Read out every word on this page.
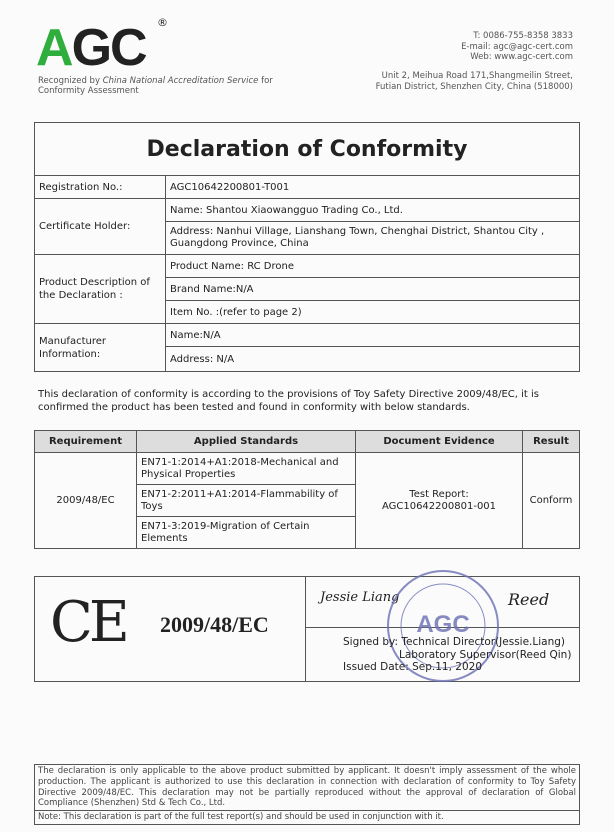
AGC ®
Recognized by China National Accreditation Service for Conformity Assessment
T: 0086-755-8358 3833
E-mail: agc@agc-cert.com
Web: www.agc-cert.com
Unit 2, Meihua Road 171,Shangmeilin Street,
Futian District, Shenzhen City, China (518000)
Declaration of Conformity	
Registration No.:	AGC10642200801-T001
Certificate Holder:	Name: Shantou Xiaowangguo Trading Co., Ltd.
	Address: Nanhui Village, Lianshang Town, Chenghai District, Shantou City , Guangdong Province, China
Product Description of the Declaration :	Product Name: RC Drone
	Brand Name:N/A
	Item No. :(refer to page 2)
Manufacturer Information:	Name:N/A
	Address: N/A
This declaration of conformity is according to the provisions of Toy Safety Directive 2009/48/EC, it is confirmed the product has been tested and found in conformity with below standards.
Requirement	Applied Standards	Document Evidence	Result
2009/48/EC	EN71-1:2014+A1:2018-Mechanical and Physical Properties	Test Report:
AGC10642200801-001	Conform
	EN71-2:2011+A1:2014-Flammability of Toys		
	EN71-3:2019-Migration of Certain Elements		
CE 2009/48/EC
Jessie Liang	Reed
AGC
Signed by: Technical Director(Jessie.Liang)
Laboratory Supervisor(Reed Qin)
Issued Date: Sep.11, 2020
The declaration is only applicable to the above product submitted by applicant. It doesn't imply assessment of the whole production. The applicant is authorized to use this declaration in connection with declaration of conformity to Toy Safety Directive 2009/48/EC. This declaration may not be partially reproduced without the approval of declaration of Global Compliance (Shenzhen) Std & Tech Co., Ltd.
Note: This declaration is part of the full test report(s) and should be used in conjunction with it.
